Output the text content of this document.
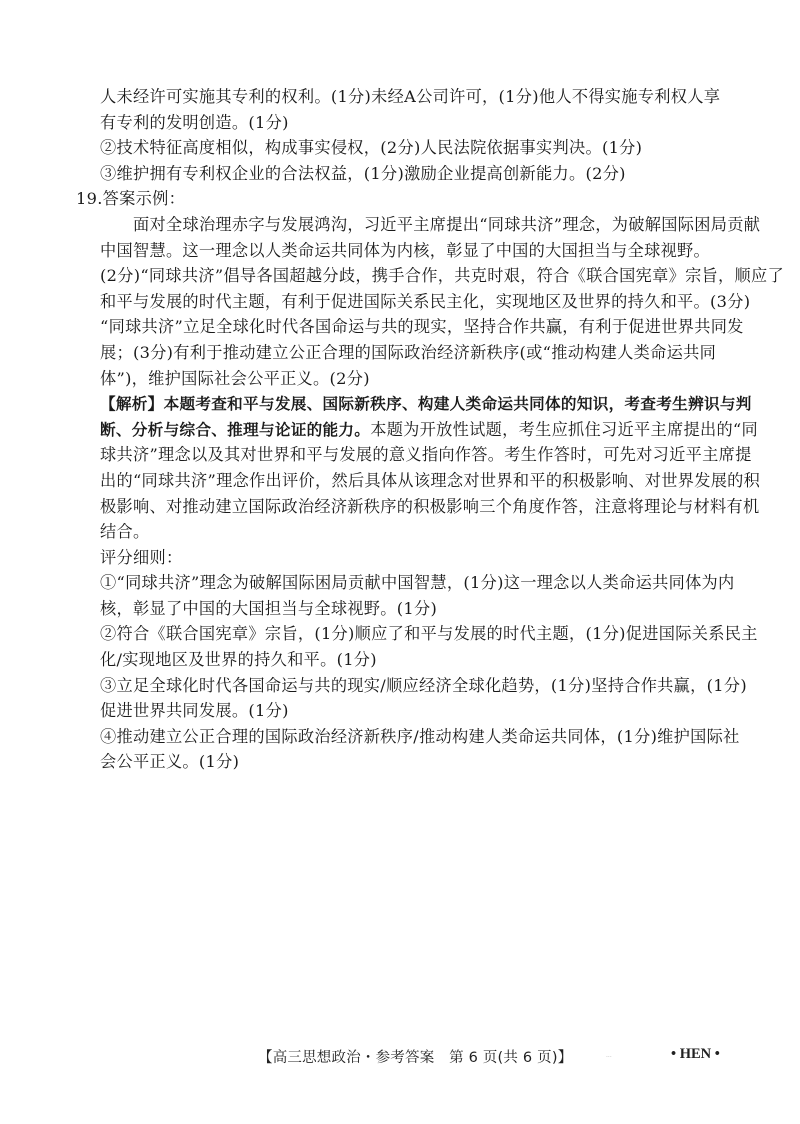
人未经许可实施其专利的权利。(1分)未经A公司许可，(1分)他人不得实施专利权人享
有专利的发明创造。(1分)
②技术特征高度相似，构成事实侵权，(2分)人民法院依据事实判决。(1分)
③维护拥有专利权企业的合法权益，(1分)激励企业提高创新能力。(2分)
19.答案示例：
面对全球治理赤字与发展鸿沟，习近平主席提出“同球共济”理念，为破解国际困局贡献
中国智慧。这一理念以人类命运共同体为内核，彰显了中国的大国担当与全球视野。
(2分)“同球共济”倡导各国超越分歧，携手合作，共克时艰，符合《联合国宪章》宗旨，顺应了
和平与发展的时代主题，有利于促进国际关系民主化，实现地区及世界的持久和平。(3分)
“同球共济”立足全球化时代各国命运与共的现实，坚持合作共赢，有利于促进世界共同发
展；(3分)有利于推动建立公正合理的国际政治经济新秩序(或“推动构建人类命运共同
体”)，维护国际社会公平正义。(2分)
【解析】本题考查和平与发展、国际新秩序、构建人类命运共同体的知识，考查考生辨识与判
断、分析与综合、推理与论证的能力。本题为开放性试题，考生应抓住习近平主席提出的“同
球共济”理念以及其对世界和平与发展的意义指向作答。考生作答时，可先对习近平主席提
出的“同球共济”理念作出评价，然后具体从该理念对世界和平的积极影响、对世界发展的积
极影响、对推动建立国际政治经济新秩序的积极影响三个角度作答，注意将理论与材料有机
结合。
评分细则：
①“同球共济”理念为破解国际困局贡献中国智慧，(1分)这一理念以人类命运共同体为内
核，彰显了中国的大国担当与全球视野。(1分)
②符合《联合国宪章》宗旨，(1分)顺应了和平与发展的时代主题，(1分)促进国际关系民主
化/实现地区及世界的持久和平。(1分)
③立足全球化时代各国命运与共的现实/顺应经济全球化趋势，(1分)坚持合作共赢，(1分)
促进世界共同发展。(1分)
④推动建立公正合理的国际政治经济新秩序/推动构建人类命运共同体，(1分)维护国际社
会公平正义。(1分)
【高三思想政治・参考答案　第 6 页(共 6 页)】	...	• HEN •
